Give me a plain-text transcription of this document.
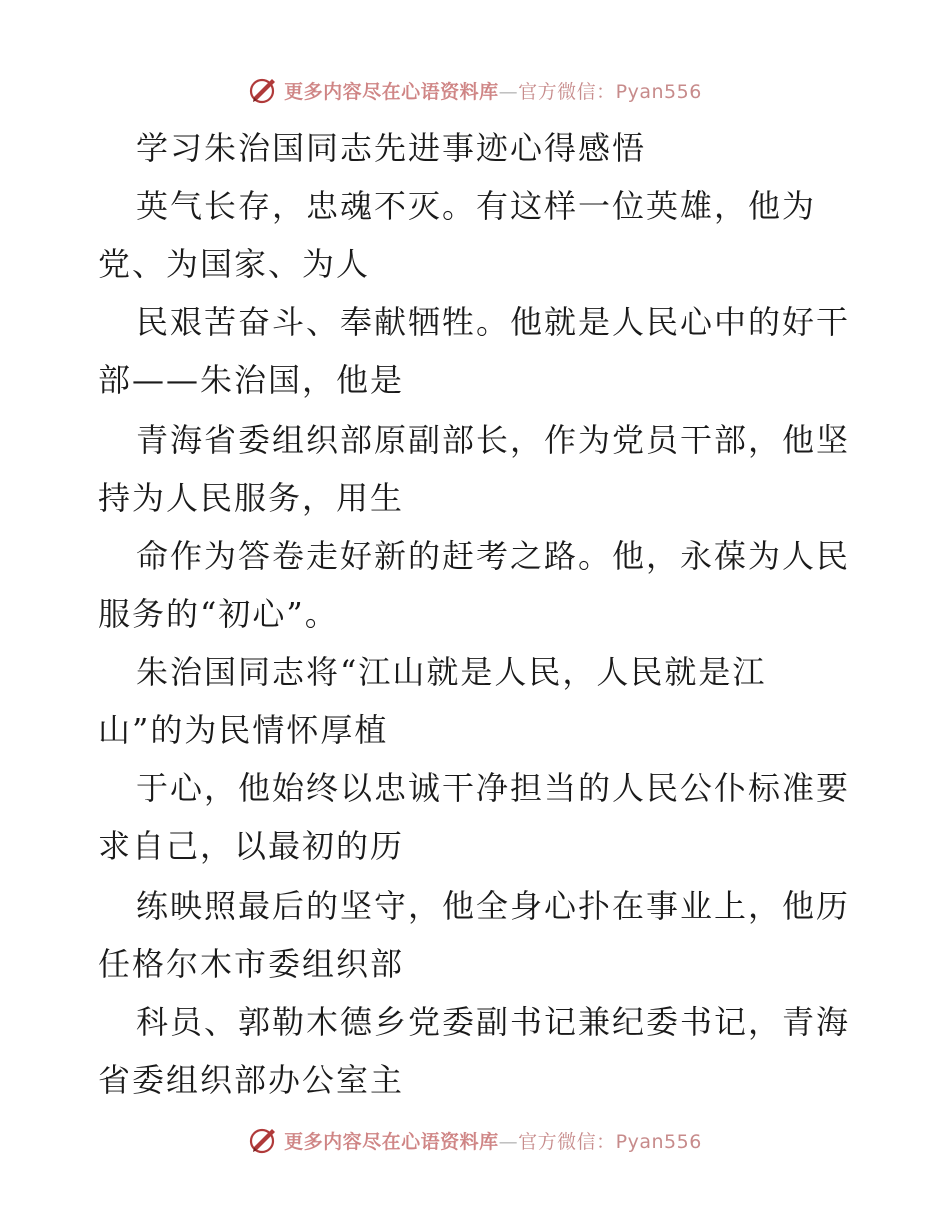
更多内容尽在心语资料库—官方微信：Pyan556
学习朱治国同志先进事迹心得感悟
英气长存，忠魂不灭。有这样一位英雄，他为
党、为国家、为人
民艰苦奋斗、奉献牺牲。他就是人民心中的好干
部——朱治国，他是
青海省委组织部原副部长，作为党员干部，他坚
持为人民服务，用生
命作为答卷走好新的赶考之路。他，永葆为人民
服务的“初心”。
朱治国同志将“江山就是人民，人民就是江
山”的为民情怀厚植
于心，他始终以忠诚干净担当的人民公仆标准要
求自己，以最初的历
练映照最后的坚守，他全身心扑在事业上，他历
任格尔木市委组织部
科员、郭勒木德乡党委副书记兼纪委书记，青海
省委组织部办公室主
更多内容尽在心语资料库—官方微信：Pyan556
